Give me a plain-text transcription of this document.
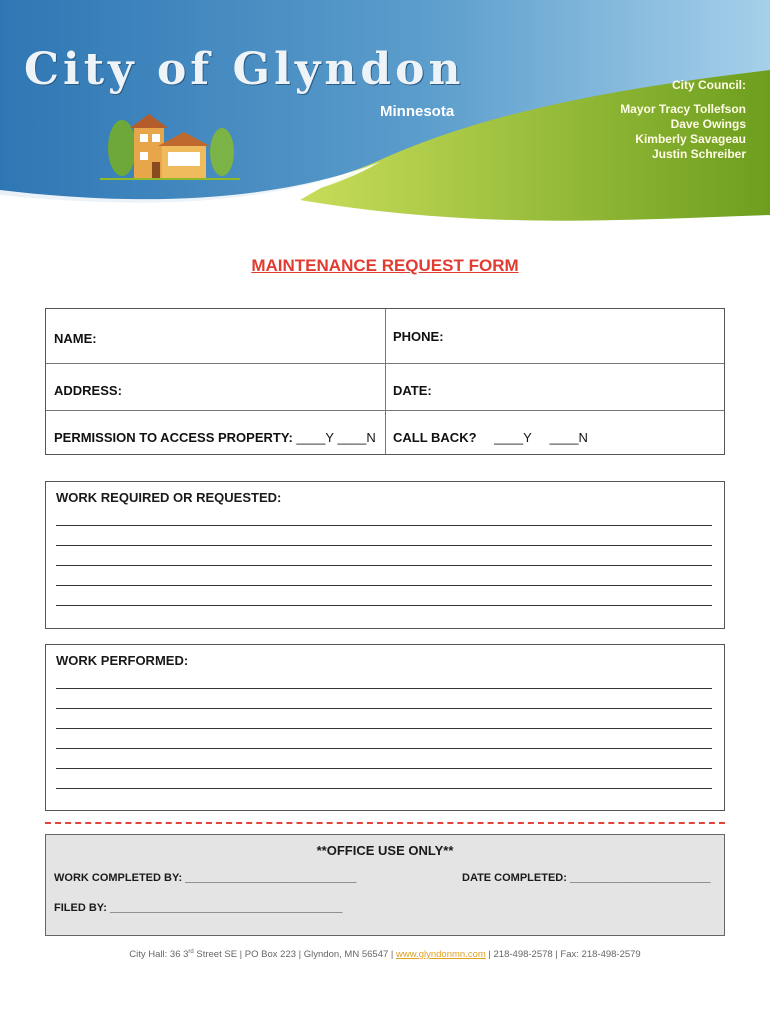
City of Glyndon
Minnesota
City Council:
Mayor Tracy Tollefson
Dave Owings
Kimberly Savageau
Justin Schreiber
MAINTENANCE REQUEST FORM
NAME:	PHONE:
ADDRESS:	DATE:
PERMISSION TO ACCESS PROPERTY: ____Y ____N CALL BACK? ____Y     ____N
WORK REQUIRED OR REQUESTED:
WORK PERFORMED:
**OFFICE USE ONLY**
WORK COMPLETED BY: ____________________________	DATE COMPLETED: _______________________
FILED BY: ______________________________________
City Hall: 36 3rd Street SE | PO Box 223 | Glyndon, MN 56547 | www.glyndonmn.com | 218-498-2578 | Fax: 218-498-2579
